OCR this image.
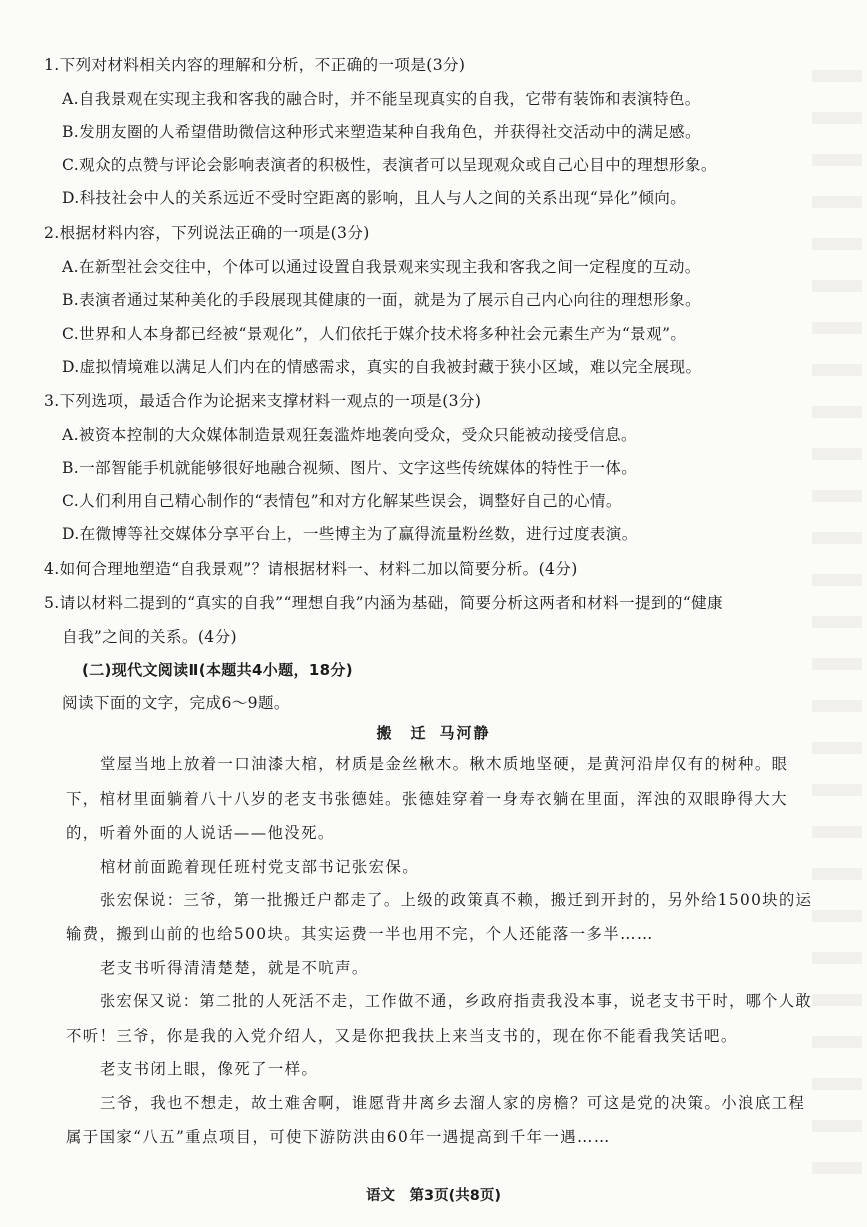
1.下列对材料相关内容的理解和分析，不正确的一项是(3分)
A.自我景观在实现主我和客我的融合时，并不能呈现真实的自我，它带有装饰和表演特色。
B.发朋友圈的人希望借助微信这种形式来塑造某种自我角色，并获得社交活动中的满足感。
C.观众的点赞与评论会影响表演者的积极性，表演者可以呈现观众或自己心目中的理想形象。
D.科技社会中人的关系远近不受时空距离的影响，且人与人之间的关系出现“异化”倾向。
2.根据材料内容，下列说法正确的一项是(3分)
A.在新型社会交往中，个体可以通过设置自我景观来实现主我和客我之间一定程度的互动。
B.表演者通过某种美化的手段展现其健康的一面，就是为了展示自己内心向往的理想形象。
C.世界和人本身都已经被“景观化”，人们依托于媒介技术将多种社会元素生产为“景观”。
D.虚拟情境难以满足人们内在的情感需求，真实的自我被封藏于狭小区域，难以完全展现。
3.下列选项，最适合作为论据来支撑材料一观点的一项是(3分)
A.被资本控制的大众媒体制造景观狂轰滥炸地袭向受众，受众只能被动接受信息。
B.一部智能手机就能够很好地融合视频、图片、文字这些传统媒体的特性于一体。
C.人们利用自己精心制作的“表情包”和对方化解某些误会，调整好自己的心情。
D.在微博等社交媒体分享平台上，一些博主为了赢得流量粉丝数，进行过度表演。
4.如何合理地塑造“自我景观”？请根据材料一、材料二加以简要分析。(4分)
5.请以材料二提到的“真实的自我”“理想自我”内涵为基础，简要分析这两者和材料一提到的“健康
自我”之间的关系。(4分)
(二)现代文阅读Ⅱ(本题共4小题，18分)
阅读下面的文字，完成6～9题。
搬　迁 马河静
堂屋当地上放着一口油漆大棺，材质是金丝楸木。楸木质地坚硬，是黄河沿岸仅有的树种。眼
下，棺材里面躺着八十八岁的老支书张德娃。张德娃穿着一身寿衣躺在里面，浑浊的双眼睁得大大
的，听着外面的人说话——他没死。
棺材前面跪着现任班村党支部书记张宏保。
张宏保说：三爷，第一批搬迁户都走了。上级的政策真不赖，搬迁到开封的，另外给1500块的运
输费，搬到山前的也给500块。其实运费一半也用不完，个人还能落一多半……
老支书听得清清楚楚，就是不吭声。
张宏保又说：第二批的人死活不走，工作做不通，乡政府指责我没本事，说老支书干时，哪个人敢
不听！三爷，你是我的入党介绍人，又是你把我扶上来当支书的，现在你不能看我笑话吧。
老支书闭上眼，像死了一样。
三爷，我也不想走，故土难舍啊，谁愿背井离乡去溜人家的房檐？可这是党的决策。小浪底工程
属于国家“八五”重点项目，可使下游防洪由60年一遇提高到千年一遇……
语文　第3页(共8页)
